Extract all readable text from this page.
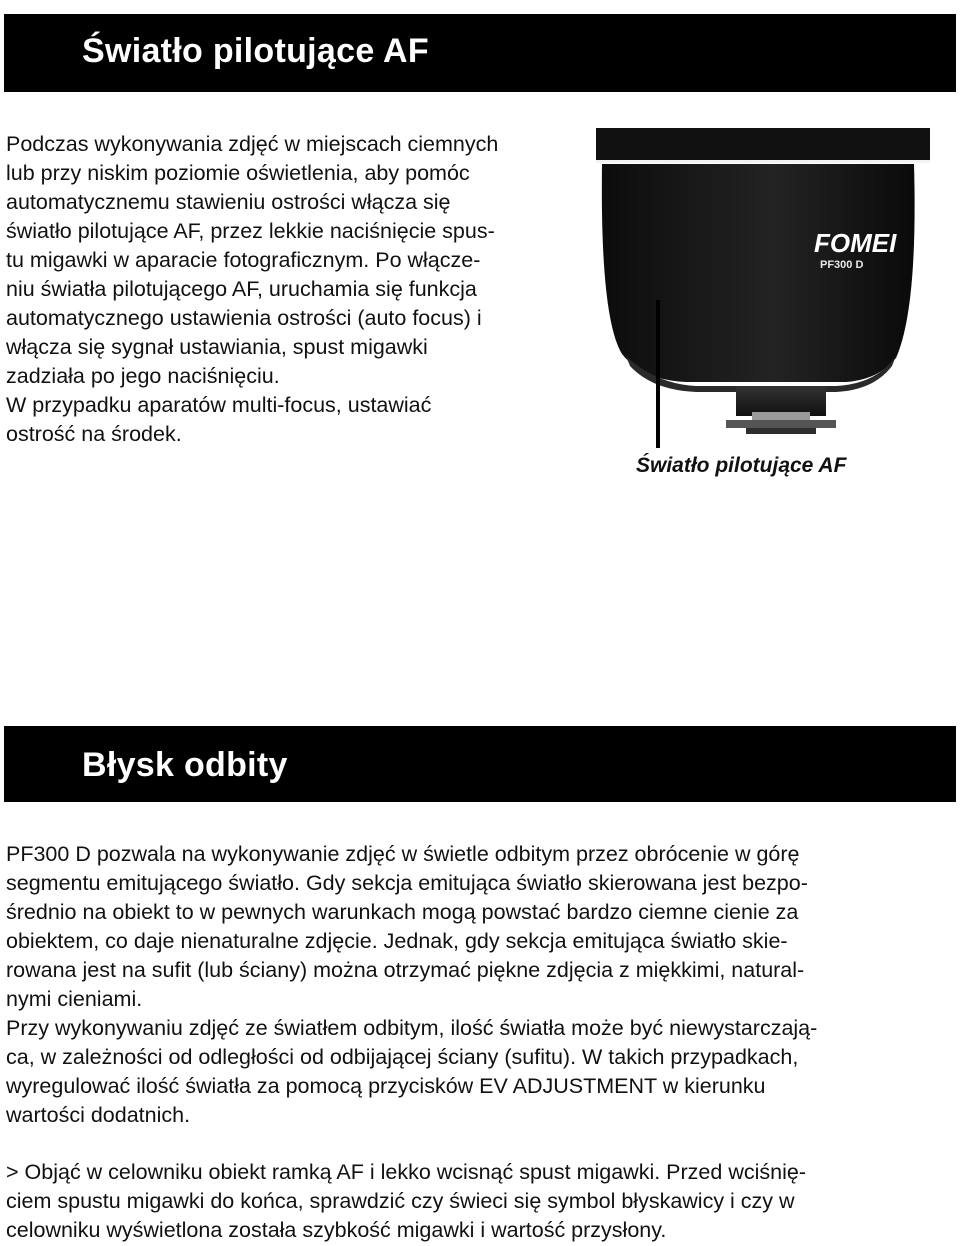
Światło pilotujące AF

Podczas wykonywania zdjęć w miejscach ciemnych
lub przy niskim poziomie oświetlenia, aby pomóc
automatycznemu stawieniu ostrości włącza się
światło pilotujące AF, przez lekkie naciśnięcie spus-
tu migawki w aparacie fotograficznym. Po włącze-
niu światła pilotującego AF, uruchamia się funkcja
automatycznego ustawienia ostrości (auto focus) i
włącza się sygnał ustawiania, spust migawki
zadziała po jego naciśnięciu.
W przypadku aparatów multi-focus, ustawiać
ostrość na środek.

FOMEI
PF300 D
Światło pilotujące AF
Błysk odbity

PF300 D pozwala na wykonywanie zdjęć w świetle odbitym przez obrócenie w górę
segmentu emitującego światło. Gdy sekcja emitująca światło skierowana jest bezpo-
średnio na obiekt to w pewnych warunkach mogą powstać bardzo ciemne cienie za
obiektem, co daje nienaturalne zdjęcie. Jednak, gdy sekcja emitująca światło skie-
rowana jest na sufit (lub ściany) można otrzymać piękne zdjęcia z miękkimi, natural-
nymi cieniami.
Przy wykonywaniu zdjęć ze światłem odbitym, ilość światła może być niewystarczają-
ca, w zależności od odległości od odbijającej ściany (sufitu). W takich przypadkach,
wyregulować ilość światła za pomocą przycisków EV ADJUSTMENT w kierunku
wartości dodatnich.

> Objąć w celowniku obiekt ramką AF i lekko wcisnąć spust migawki. Przed wciśnię-
ciem spustu migawki do końca, sprawdzić czy świeci się symbol błyskawicy i czy w
celowniku wyświetlona została szybkość migawki i wartość przysłony.
